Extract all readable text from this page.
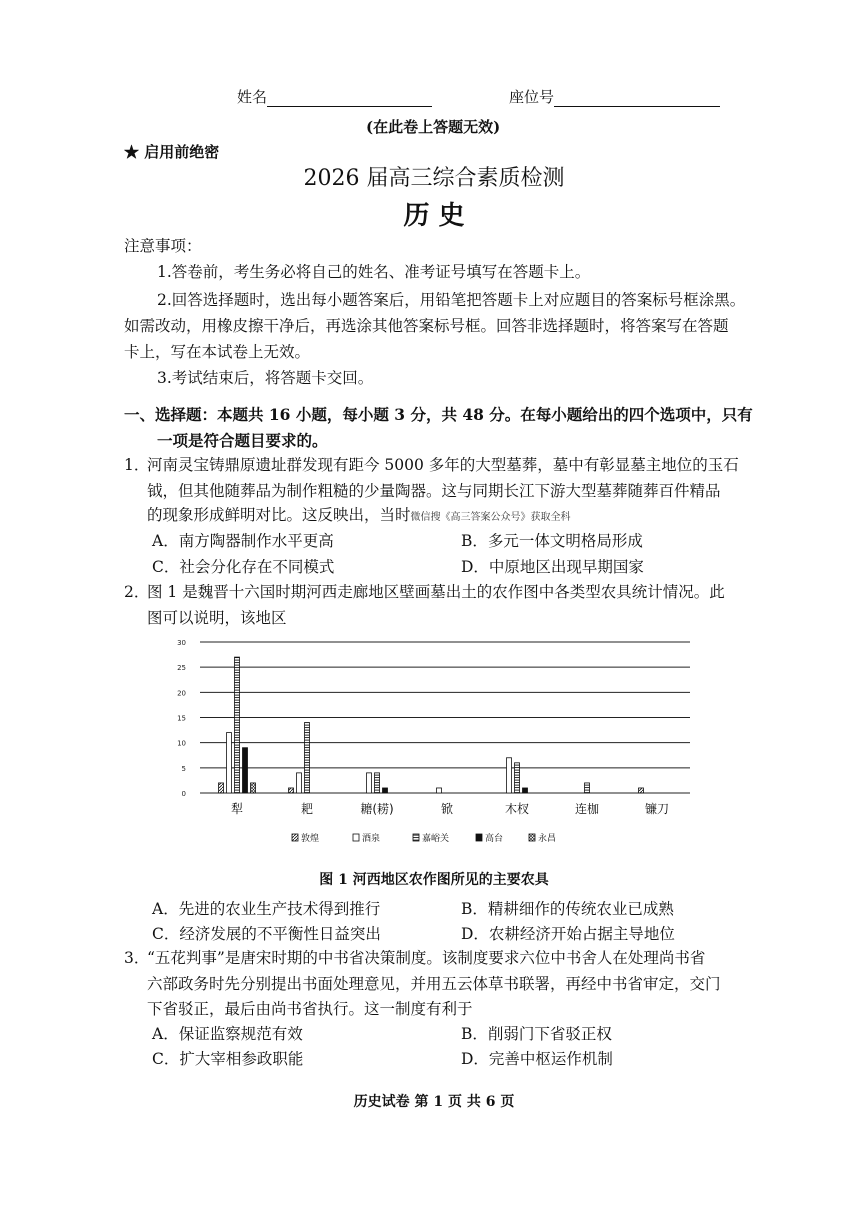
姓名	座位号
(在此卷上答题无效)
★ 启用前绝密
2026 届高三综合素质检测
历 史
注意事项：
1.答卷前，考生务必将自己的姓名、准考证号填写在答题卡上。
2.回答选择题时，选出每小题答案后，用铅笔把答题卡上对应题目的答案标号框涂黑。
如需改动，用橡皮擦干净后，再选涂其他答案标号框。回答非选择题时，将答案写在答题
卡上，写在本试卷上无效。
3.考试结束后，将答题卡交回。
一、选择题：本题共 16 小题，每小题 3 分，共 48 分。在每小题给出的四个选项中，只有
一项是符合题目要求的。
1．
河南灵宝铸鼎原遗址群发现有距今 5000 多年的大型墓葬，墓中有彰显墓主地位的玉石
钺，但其他随葬品为制作粗糙的少量陶器。这与同期长江下游大型墓葬随葬百件精品
的现象形成鲜明对比。这反映出，当时微信搜《高三答案公众号》获取全科
A．南方陶器制作水平更高	B．多元一体文明格局形成
C．社会分化存在不同模式	D．中原地区出现早期国家
2．
图 1 是魏晋十六国时期河西走廊地区壁画墓出土的农作图中各类型农具统计情况。此
图可以说明，该地区
0
5
10
15
20
25
30
犁	耙	耱(耢)	锨	木杈	连枷	镰刀
敦煌	酒泉	嘉峪关	高台	永昌
图 1 河西地区农作图所见的主要农具
A．先进的农业生产技术得到推行	B．精耕细作的传统农业已成熟
C．经济发展的不平衡性日益突出	D．农耕经济开始占据主导地位
3．
“五花判事”是唐宋时期的中书省决策制度。该制度要求六位中书舍人在处理尚书省
六部政务时先分别提出书面处理意见，并用五云体草书联署，再经中书省审定，交门
下省驳正，最后由尚书省执行。这一制度有利于
A．保证监察规范有效	B．削弱门下省驳正权
C．扩大宰相参政职能	D．完善中枢运作机制
历史试卷 第 1 页 共 6 页
